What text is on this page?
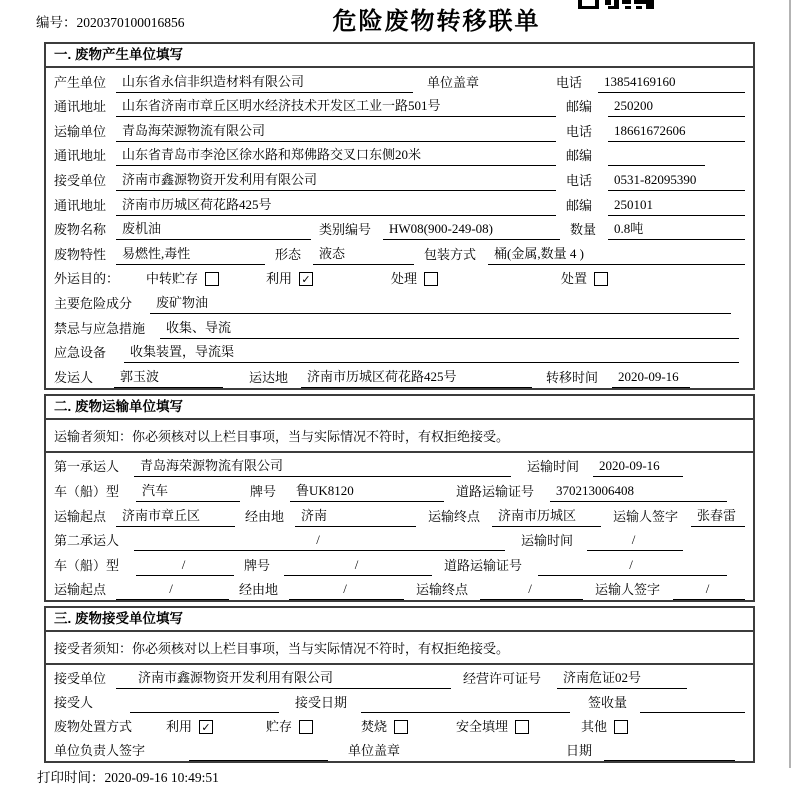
编号：2020370100016856	危险废物转移联单
一. 废物产生单位填写
产生单位	山东省永信非织造材料有限公司	单位盖章	电话	13854169160
通讯地址	山东省济南市章丘区明水经济技术开发区工业一路501号	邮编	250200
运输单位	青岛海荣源物流有限公司	电话	18661672606
通讯地址	山东省青岛市李沧区徐水路和郑佛路交叉口东侧20米	邮编
接受单位	济南市鑫源物资开发利用有限公司	电话	0531-82095390
通讯地址	济南市历城区荷花路425号	邮编	250101
废物名称	废机油	类别编号	HW08(900-249-08)	数量	0.8吨
废物特性	易燃性,毒性	形态	液态	包装方式	桶(金属,数量 4 )
外运目的：	中转贮存	利用 ✓	处理	处置
主要危险成分	废矿物油
禁忌与应急措施	收集、导流
应急设备	收集装置，导流渠
发运人	郭玉波	运达地	济南市历城区荷花路425号	转移时间	2020-09-16
二. 废物运输单位填写
运输者须知：你必须核对以上栏目事项，当与实际情况不符时，有权拒绝接受。
第一承运人	青岛海荣源物流有限公司	运输时间	2020-09-16
车（船）型	汽车	牌号	鲁UK8120	道路运输证号	370213006408
运输起点	济南市章丘区	经由地	济南	运输终点	济南市历城区	运输人签字	张春雷
第二承运人	/	运输时间	/
车（船）型	/	牌号	/	道路运输证号	/
运输起点	/	经由地	/	运输终点	/	运输人签字	/
三. 废物接受单位填写
接受者须知：你必须核对以上栏目事项，当与实际情况不符时，有权拒绝接受。
接受单位	济南市鑫源物资开发利用有限公司	经营许可证号	济南危证02号
接受人	接受日期	签收量
废物处置方式	利用 ✓	贮存	焚烧	安全填埋	其他
单位负责人签字	单位盖章	日期
打印时间：2020-09-16 10:49:51
